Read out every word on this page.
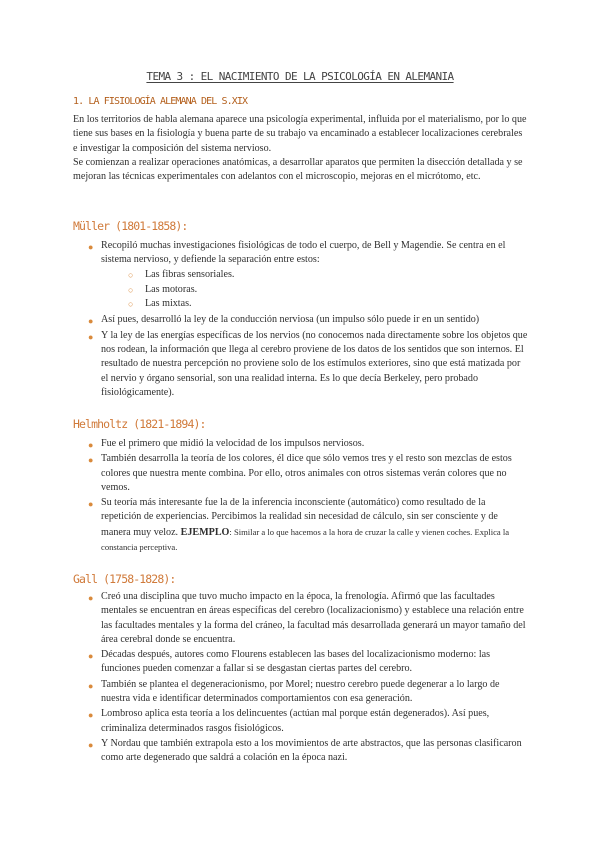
TEMA 3 : EL NACIMIENTO DE LA PSICOLOGÍA EN ALEMANIA
1. LA FISIOLOGÍA ALEMANA DEL S.XIX
En los territorios de habla alemana aparece una psicología experimental, influida por el materialismo, por lo que tiene sus bases en la fisiología y buena parte de su trabajo va encaminado a establecer localizaciones cerebrales e investigar la composición del sistema nervioso.
Se comienzan a realizar operaciones anatómicas, a desarrollar aparatos que permiten la disección detallada y se mejoran las técnicas experimentales con adelantos con el microscopio, mejoras en el micrótomo, etc.
Müller (1801-1858):
● Recopiló muchas investigaciones fisiológicas de todo el cuerpo, de Bell y Magendie. Se centra en el sistema nervioso, y defiende la separación entre estos:
○ Las fibras sensoriales.
○ Las motoras.
○ Las mixtas.
● Así pues, desarrolló la ley de la conducción nerviosa (un impulso sólo puede ir en un sentido)
● Y la ley de las energías específicas de los nervios (no conocemos nada directamente sobre los objetos que nos rodean, la información que llega al cerebro proviene de los datos de los sentidos que son internos. El resultado de nuestra percepción no proviene solo de los estímulos exteriores, sino que está matizada por el nervio y órgano sensorial, son una realidad interna. Es lo que decía Berkeley, pero probado fisiológicamente).
Helmholtz (1821-1894):
● Fue el primero que midió la velocidad de los impulsos nerviosos.
● También desarrolla la teoría de los colores, él dice que sólo vemos tres y el resto son mezclas de estos colores que nuestra mente combina. Por ello, otros animales con otros sistemas verán colores que no vemos.
● Su teoría más interesante fue la de la inferencia inconsciente (automático) como resultado de la repetición de experiencias. Percibimos la realidad sin necesidad de cálculo, sin ser consciente y de manera muy veloz. EJEMPLO: Similar a lo que hacemos a la hora de cruzar la calle y vienen coches. Explica la constancia perceptiva.
Gall (1758-1828):
● Creó una disciplina que tuvo mucho impacto en la época, la frenología. Afirmó que las facultades mentales se encuentran en áreas específicas del cerebro (localizacionismo) y establece una relación entre las facultades mentales y la forma del cráneo, la facultad más desarrollada generará un mayor tamaño del área cerebral donde se encuentra.
● Décadas después, autores como Flourens establecen las bases del localizacionismo moderno: las funciones pueden comenzar a fallar si se desgastan ciertas partes del cerebro.
● También se plantea el degeneracionismo, por Morel; nuestro cerebro puede degenerar a lo largo de nuestra vida e identificar determinados comportamientos con esa generación.
● Lombroso aplica esta teoría a los delincuentes (actúan mal porque están degenerados). Así pues, criminaliza determinados rasgos fisiológicos.
● Y Nordau que también extrapola esto a los movimientos de arte abstractos, que las personas clasificaron como arte degenerado que saldrá a colación en la época nazi.
